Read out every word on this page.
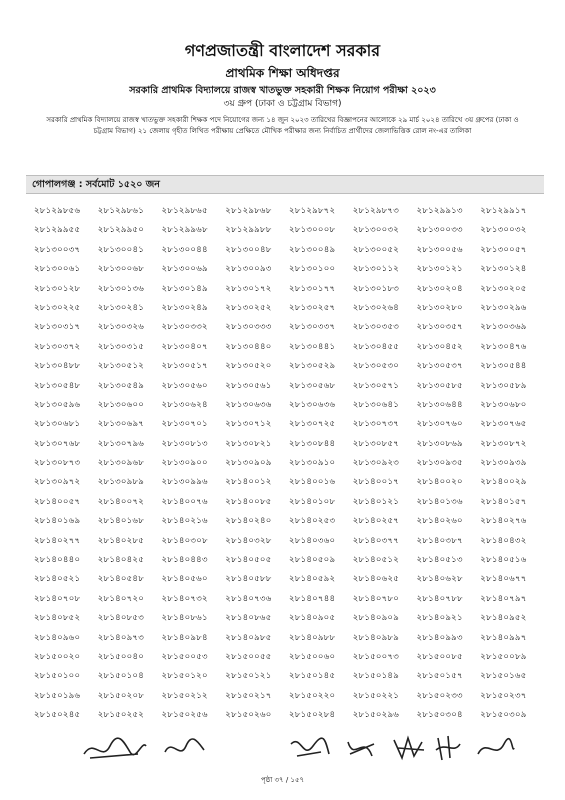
গণপ্রজাতন্ত্রী বাংলাদেশ সরকার
প্রাথমিক শিক্ষা অধিদপ্তর
সরকারি প্রাথমিক বিদ্যালয়ে রাজস্ব খাতভুক্ত সহকারী শিক্ষক নিয়োগ পরীক্ষা ২০২৩
৩য় গ্রুপ (ঢাকা ও চট্টগ্রাম বিভাগ)
সরকারি প্রাথমিক বিদ্যালয়ে রাজস্ব খাতভুক্ত সহকারী শিক্ষক পদে নিয়োগের জন্য ১৪ জুন ২০২৩ তারিখের বিজ্ঞাপনের আলোকে ২৯ মার্চ ২০২৪ তারিখে ৩য় গ্রুপের (ঢাকা ও চট্টগ্রাম বিভাগ) ২১ জেলায় গৃহীত লিখিত পরীক্ষায় প্রেক্ষিতে মৌখিক পরীক্ষার জন্য নির্বাচিত প্রার্থীদের জেলাভিত্তিক রোল নং-এর তালিকা
গোপালগঞ্জ : সর্বমোট ১৫২০ জন
২৮১২৯৮৫৬	২৮১২৯৮৬১	২৮১২৯৮৬৫	২৮১২৯৮৬৮	২৮১২৯৮৭২	২৮১২৯৮৭৩	২৮১২৯৯১৩	২৮১২৯৯১৭
২৮১২৯৯৫৫	২৮১২৯৯৫০	২৮১২৯৯৬৮	২৮১২৯৯৮৮	২৮১৩০০০৮	২৮১৩০০৩২	২৮১৩০০৩৩	২৮১৩০০৩২
২৮১৩০০৩৭	২৮১৩০০৪১	২৮১৩০০৪৪	২৮১৩০০৪৮	২৮১৩০০৪৯	২৮১৩০০৫২	২৮১৩০০৫৬	২৮১৩০০৫৭
২৮১৩০০৬১	২৮১৩০০৬৮	২৮১৩০০৬৯	২৮১৩০০৯৩	২৮১৩০১০০	২৮১৩০১১২	২৮১৩০১২১	২৮১৩০১২৪
২৮১৩০১২৮	২৮১৩০১৩৬	২৮১৩০১৪৯	২৮১৩০১৭২	২৮১৩০১৭৭	২৮১৩০১৮৩	২৮১৩০২০৪	২৮১৩০২০৫
২৮১৩০২২৫	২৮১৩০২৪১	২৮১৩০২৪৯	২৮১৩০২৫২	২৮১৩০২৫৭	২৮১৩০২৬৪	২৮১৩০২৮০	২৮১৩০২৯৬
২৮১৩০৩১৭	২৮১৩০৩২৬	২৮১৩০৩৩২	২৮১৩০৩৩৩	২৮১৩০৩৩৭	২৮১৩০৩৫৩	২৮১৩০৩৫৭	২৮১৩০৩৬৯
২৮১৩০৩৭২	২৮১৩০৩১৫	২৮১৩০৪০৭	২৮১৩০৪৪০	২৮১৩০৪৪১	২৮১৩০৪৫৫	২৮১৩০৪৫২	২৮১৩০৪৭৬
২৮১৩০৪৮৮	২৮১৩০৫১২	২৮১৩০৫১৭	২৮১৩০৫২০	২৮১৩০৫২৯	২৮১৩০৫৩০	২৮১৩০৫৩৭	২৮১৩০৫৪৪
২৮১৩০৫৪৮	২৮১৩০৫৪৯	২৮১৩০৫৬০	২৮১৩০৫৬১	২৮১৩০৫৬৮	২৮১৩০৫৭১	২৮১৩০৫৮৫	২৮১৩০৫৮৯
২৮১৩০৫৯৬	২৮১৩০৬০০	২৮১৩০৬২৪	২৮১৩০৬৩৬	২৮১৩০৬৩৬	২৮১৩০৬৪১	২৮১৩০৬৪৪	২৮১৩০৬৮০
২৮১৩০৬৮১	২৮১৩০৬৯৭	২৮১৩০৭০১	২৮১৩০৭১২	২৮১৩০৭২৫	২৮১৩০৭৩৭	২৮১৩০৭৬০	২৮১৩০৭৬৫
২৮১৩০৭৬৮	২৮১৩০৭৯৬	২৮১৩০৮১৩	২৮১৩০৮২১	২৮১৩০৮৪৪	২৮১৩০৮৫৭	২৮১৩০৮৬৯	২৮১৩০৮৭২
২৮১৩০৮৭৩	২৮১৩০৯৬৮	২৮১৩০৯০০	২৮১৩০৯০৯	২৮১৩০৯১০	২৮১৩০৯২৩	২৮১৩০৯৩৫	২৮১৩০৯৩৯
২৮১৩০৯৭২	২৮১৩০৯৮৯	২৮১৩০৯৯৬	২৮১৪০০১২	২৮১৪০০১৬	২৮১৪০০১৭	২৮১৪০০২০	২৮১৪০০২৯
২৮১৪০০৫৭	২৮১৪০০৭২	২৮১৪০০৭৬	২৮১৪০০৮৫	২৮১৪০১০৮	২৮১৪০১২১	২৮১৪০১৩৬	২৮১৪০১৫৭
২৮১৪০১৬৯	২৮১৪০১৬৮	২৮১৪০২১৬	২৮১৪০২৪০	২৮১৪০২৫৩	২৮১৪০২৫৭	২৮১৪০২৬০	২৮১৪০২৭৬
২৮১৪০২৭৭	২৮১৪০২৮৫	২৮১৪০৩০৮	২৮১৪০৩২৮	২৮১৪০৩৬০	২৮১৪০৩৭৭	২৮১৪০৩৮৭	২৮১৪০৪৩২
২৮১৪০৪৪০	২৮১৪০৪২৫	২৮১৪০৪৪৩	২৮১৪০৫০৫	২৮১৪০৫০৯	২৮১৪০৫১২	২৮১৪০৫১৩	২৮১৪০৫১৬
২৮১৪০৫২১	২৮১৪০৫৪৮	২৮১৪০৫৬০	২৮১৪০৫৮৮	২৮১৪০৫৯২	২৮১৪০৬২৫	২৮১৪০৬২৮	২৮১৪০৬৭৭
২৮১৪০৭০৮	২৮১৪০৭২০	২৮১৪০৭৩২	২৮১৪০৭৩৬	২৮১৪০৭৪৪	২৮১৪০৭৮০	২৮১৪০৭৮৮	২৮১৪০৭৯৭
২৮১৪০৮৫২	২৮১৪০৮৫৩	২৮১৪০৮৬১	২৮১৪০৮৬৫	২৮১৪০৯০৫	২৮১৪০৯০৯	২৮১৪০৯২১	২৮১৪০৯৫২
২৮১৪০৯৬০	২৮১৪০৯৭৩	২৮১৪০৯৮৪	২৮১৪০৯৮৫	২৮১৪০৯৮৮	২৮১৪০৯৮৯	২৮১৪০৯৯৩	২৮১৪০৯৯৭
২৮১৫০০২০	২৮১৫০০৪০	২৮১৫০০৫৩	২৮১৫০০৫৫	২৮১৫০০৬০	২৮১৫০০৭৩	২৮১৫০০৮৫	২৮১৫০০৮৯
২৮১৫০১০০	২৮১৫০১০৪	২৮১৫০১২০	২৮১৫০১২১	২৮১৫০১৪৫	২৮১৫০১৪৯	২৮১৫০১৫৭	২৮১৫০১৬৫
২৮১৫০১৯৬	২৮১৫০২০৮	২৮১৫০২১২	২৮১৫০২১৭	২৮১৫০২২০	২৮১৫০২২১	২৮১৫০২৩৩	২৮১৫০২৩৭
২৮১৫০২৪৫	২৮১৫০২৫২	২৮১৫০২৫৬	২৮১৫০২৬০	২৮১৫০২৮৪	২৮১৫০২৯৬	২৮১৫০৩০৪	২৮১৫০৩০৯
পৃষ্ঠা ৩৭ / ১৫৭
